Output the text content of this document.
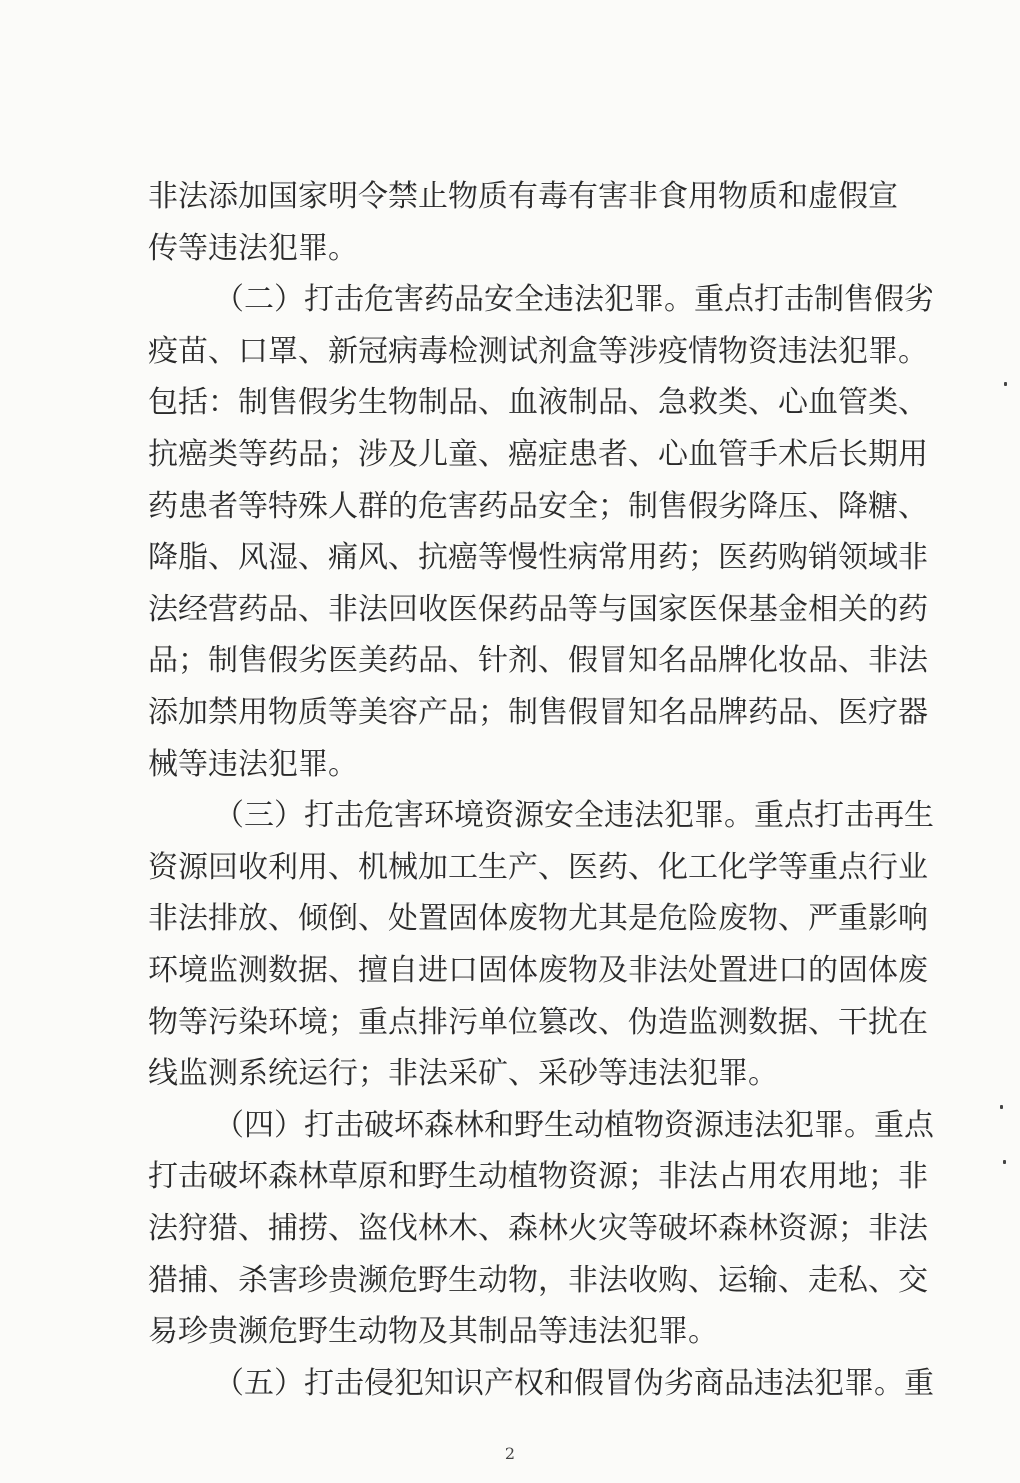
非法添加国家明令禁止物质有毒有害非食用物质和虚假宣
传等违法犯罪。
（二）打击危害药品安全违法犯罪。重点打击制售假劣
疫苗、口罩、新冠病毒检测试剂盒等涉疫情物资违法犯罪。
包括：制售假劣生物制品、血液制品、急救类、心血管类、
抗癌类等药品；涉及儿童、癌症患者、心血管手术后长期用
药患者等特殊人群的危害药品安全；制售假劣降压、降糖、
降脂、风湿、痛风、抗癌等慢性病常用药；医药购销领域非
法经营药品、非法回收医保药品等与国家医保基金相关的药
品；制售假劣医美药品、针剂、假冒知名品牌化妆品、非法
添加禁用物质等美容产品；制售假冒知名品牌药品、医疗器
械等违法犯罪。
（三）打击危害环境资源安全违法犯罪。重点打击再生
资源回收利用、机械加工生产、医药、化工化学等重点行业
非法排放、倾倒、处置固体废物尤其是危险废物、严重影响
环境监测数据、擅自进口固体废物及非法处置进口的固体废
物等污染环境；重点排污单位篡改、伪造监测数据、干扰在
线监测系统运行；非法采矿、采砂等违法犯罪。
（四）打击破坏森林和野生动植物资源违法犯罪。重点
打击破坏森林草原和野生动植物资源；非法占用农用地；非
法狩猎、捕捞、盗伐林木、森林火灾等破坏森林资源；非法
猎捕、杀害珍贵濒危野生动物，非法收购、运输、走私、交
易珍贵濒危野生动物及其制品等违法犯罪。
（五）打击侵犯知识产权和假冒伪劣商品违法犯罪。重
2
